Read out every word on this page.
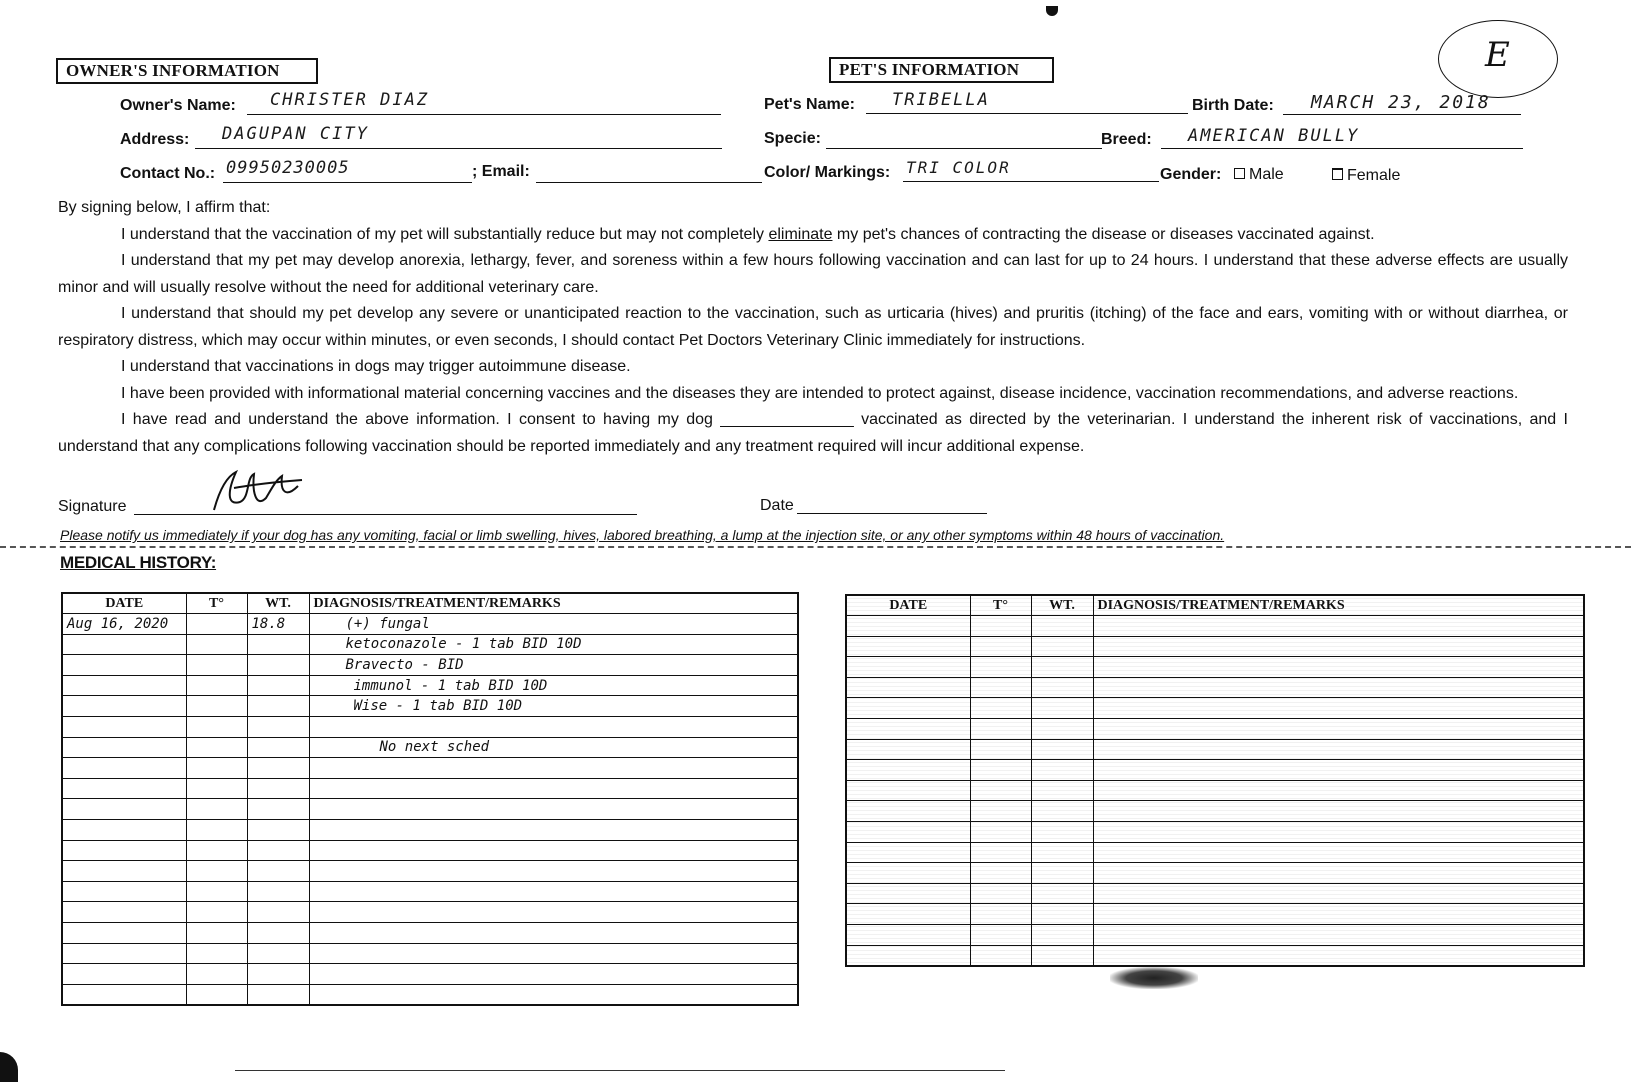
E
OWNER'S INFORMATION
Owner's Name: CHRISTER DIAZ
Address: DAGUPAN CITY
Contact No.: 09950230005	; Email:
PET'S INFORMATION
Pet's Name: TRIBELLA	Birth Date: MARCH 23, 2018
Specie:	Breed: AMERICAN BULLY
Color/ Markings: TRI COLOR	Gender:	Male	Female

By signing below, I affirm that:

I understand that the vaccination of my pet will substantially reduce but may not completely eliminate my pet's chances of contracting the disease or diseases vaccinated against.

I understand that my pet may develop anorexia, lethargy, fever, and soreness within a few hours following vaccination and can last for up to 24 hours. I understand that these adverse effects are usually minor and will usually resolve without the need for additional veterinary care.

I understand that should my pet develop any severe or unanticipated reaction to the vaccination, such as urticaria (hives) and pruritis (itching) of the face and ears, vomiting with or without diarrhea, or respiratory distress, which may occur within minutes, or even seconds, I should contact Pet Doctors Veterinary Clinic immediately for instructions.

I understand that vaccinations in dogs may trigger autoimmune disease.

I have been provided with informational material concerning vaccines and the diseases they are intended to protect against, disease incidence, vaccination recommendations, and adverse reactions.

I have read and understand the above information. I consent to having my dog _______________ vaccinated as directed by the veterinarian. I understand the inherent risk of vaccinations, and I understand that any complications following vaccination should be reported immediately and any treatment required will incur additional expense.

Signature	Date
Please notify us immediately if your dog has any vomiting, facial or limb swelling, hives, labored breathing, a lump at the injection site, or any other symptoms within 48 hours of vaccination.
MEDICAL HISTORY:
DATE	T°	WT.	DIAGNOSIS/TREATMENT/REMARKS
Aug 16, 2020		18.8	(+) fungal
			ketoconazole - 1 tab BID 10D
			Bravecto - BID
			immunol - 1 tab BID 10D
			Wise - 1 tab BID 10D

			No next sched

DATE	T°	WT.	DIAGNOSIS/TREATMENT/REMARKS
